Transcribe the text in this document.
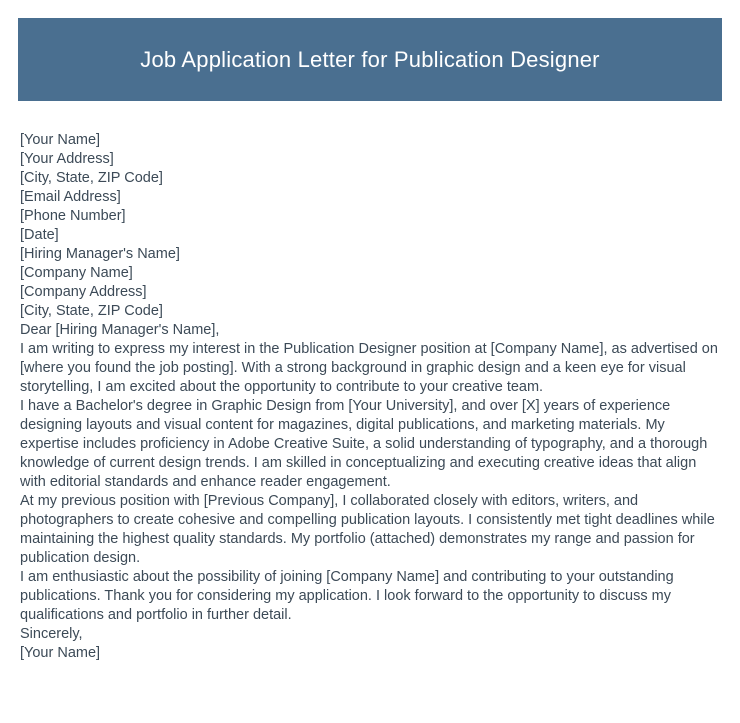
Job Application Letter for Publication Designer

[Your Name]

[Your Address]

[City, State, ZIP Code]

[Email Address]

[Phone Number]

[Date]

[Hiring Manager's Name]

[Company Name]

[Company Address]

[City, State, ZIP Code]

Dear [Hiring Manager's Name],

I am writing to express my interest in the Publication Designer position at [Company Name], as advertised on [where you found the job posting]. With a strong background in graphic design and a keen eye for visual storytelling, I am excited about the opportunity to contribute to your creative team.

I have a Bachelor's degree in Graphic Design from [Your University], and over [X] years of experience designing layouts and visual content for magazines, digital publications, and marketing materials. My expertise includes proficiency in Adobe Creative Suite, a solid understanding of typography, and a thorough knowledge of current design trends. I am skilled in conceptualizing and executing creative ideas that align with editorial standards and enhance reader engagement.

At my previous position with [Previous Company], I collaborated closely with editors, writers, and photographers to create cohesive and compelling publication layouts. I consistently met tight deadlines while maintaining the highest quality standards. My portfolio (attached) demonstrates my range and passion for publication design.

I am enthusiastic about the possibility of joining [Company Name] and contributing to your outstanding publications. Thank you for considering my application. I look forward to the opportunity to discuss my qualifications and portfolio in further detail.

Sincerely,

[Your Name]
